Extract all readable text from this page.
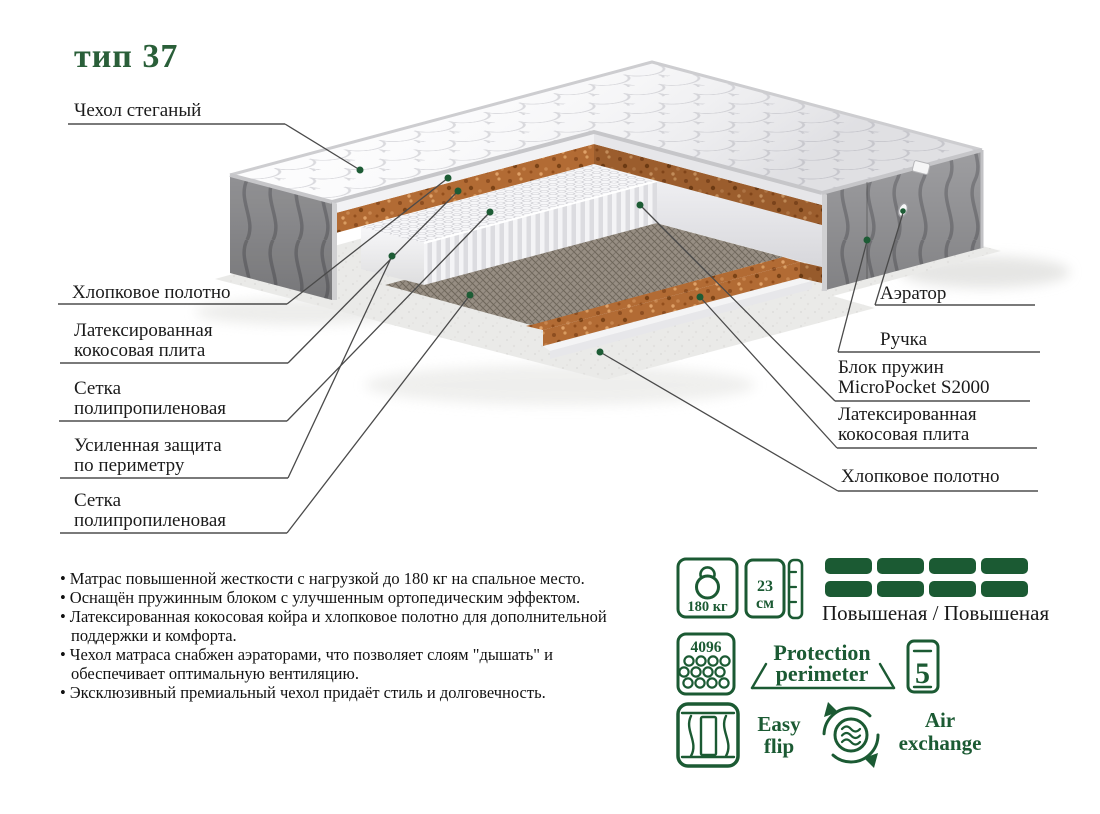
180 кг
23
см Повышеная / Повышеная
4096 Protection
perimeter 5
Easy
flip
Air
exchange
тип 37
Чехол стеганый
Хлопковое полотно
Латексированная
кокосовая плита
Сетка
полипропиленовая
Усиленная защита
по периметру
Сетка
полипропиленовая
Аэратор
Ручка
Блок пружин
MicroPocket S2000
Латексированная
кокосовая плита
Хлопковое полотно
• Матрас повышенной жесткости с нагрузкой до 180 кг на спальное место.
• Оснащён пружинным блоком с улучшенным ортопедическим эффектом.
• Латексированная кокосовая койра и хлопковое полотно для дополнительной поддержки и комфорта.
• Чехол матраса снабжен аэраторами, что позволяет слоям "дышать" и обеспечивает оптимальную вентиляцию.
• Эксклюзивный премиальный чехол придаёт стиль и долговечность.
